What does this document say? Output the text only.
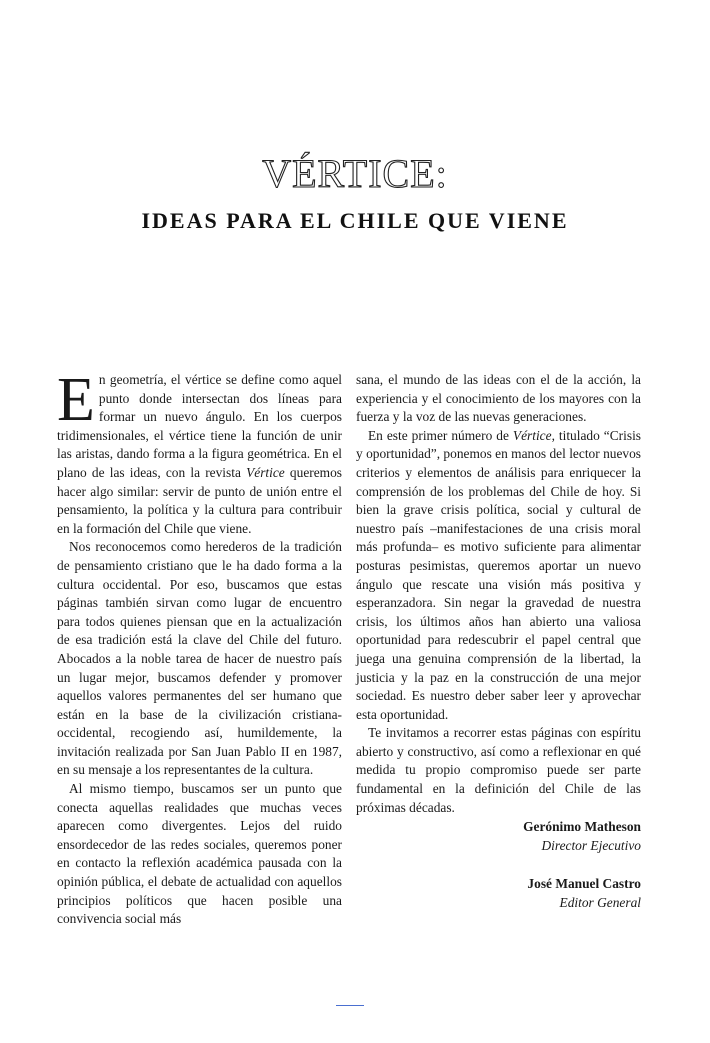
VÉRTICE:
IDEAS PARA EL CHILE QUE VIENE

En geometría, el vértice se define como aquel punto donde intersectan dos líneas para formar un nuevo ángulo. En los cuerpos tridimensionales, el vértice tiene la función de unir las aristas, dando forma a la figura geométrica. En el plano de las ideas, con la revista Vértice queremos hacer algo similar: servir de punto de unión entre el pensamiento, la política y la cultura para contribuir en la formación del Chile que viene.

Nos reconocemos como herederos de la tradición de pensamiento cristiano que le ha dado forma a la cultura occidental. Por eso, buscamos que estas páginas también sirvan como lugar de encuentro para todos quienes piensan que en la actualización de esa tradición está la clave del Chile del futuro. Abocados a la noble tarea de hacer de nuestro país un lugar mejor, buscamos defender y promover aquellos valores permanentes del ser humano que están en la base de la civilización cristiana-occidental, recogiendo así, humildemente, la invitación realizada por San Juan Pablo II en 1987, en su mensaje a los representantes de la cultura.

Al mismo tiempo, buscamos ser un punto que conecta aquellas realidades que muchas veces aparecen como divergentes. Lejos del ruido ensordecedor de las redes sociales, queremos poner en contacto la reflexión académica pausada con la opinión pública, el debate de actualidad con aquellos principios políticos que hacen posible una convivencia social más

sana, el mundo de las ideas con el de la acción, la experiencia y el conocimiento de los mayores con la fuerza y la voz de las nuevas generaciones.

En este primer número de Vértice, titulado “Crisis y oportunidad”, ponemos en manos del lector nuevos criterios y elementos de análisis para enriquecer la comprensión de los problemas del Chile de hoy. Si bien la grave crisis política, social y cultural de nuestro país –manifestaciones de una crisis moral más profunda– es motivo suficiente para alimentar posturas pesimistas, queremos aportar un nuevo ángulo que rescate una visión más positiva y esperanzadora. Sin negar la gravedad de nuestra crisis, los últimos años han abierto una valiosa oportunidad para redescubrir el papel central que juega una genuina comprensión de la libertad, la justicia y la paz en la construcción de una mejor sociedad. Es nuestro deber saber leer y aprovechar esta oportunidad.

Te invitamos a recorrer estas páginas con espíritu abierto y constructivo, así como a reflexionar en qué medida tu propio compromiso puede ser parte fundamental en la definición del Chile de las próximas décadas.

Gerónimo Matheson
Director Ejecutivo
José Manuel Castro
Editor General
